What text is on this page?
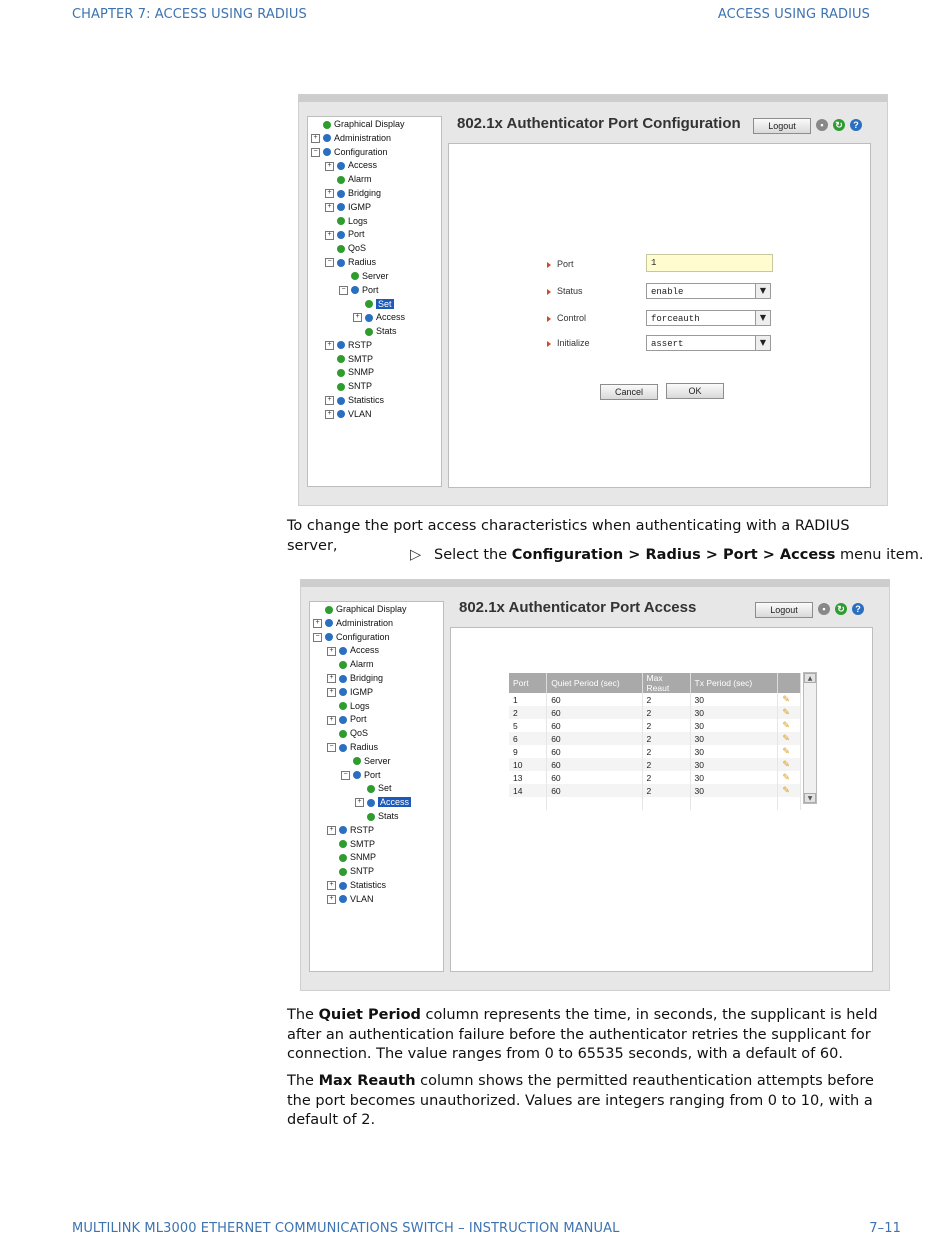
CHAPTER 7: ACCESS USING RADIUS	ACCESS USING RADIUS
Graphical Display
+ Administration
− Configuration
+ Access
Alarm
+ Bridging
+ IGMP
Logs
+ Port
QoS
− Radius
Server
− Port
Set
+ Access
Stats
+ RSTP
SMTP
SNMP
SNTP
+ Statistics
+ VLAN
802.1x Authenticator Port Configuration	Logout	▪	↻	?
Port	1
Status	enable	▼
Control	forceauth	▼
Initialize	assert	▼
Cancel	OK
To change the port access characteristics when authenticating with a RADIUS server,
▷ Select the Configuration > Radius > Port > Access menu item.
Graphical Display
+ Administration
− Configuration
+ Access
Alarm
+ Bridging
+ IGMP
Logs
+ Port
QoS
− Radius
Server
− Port
Set
+ Access
Stats
+ RSTP
SMTP
SNMP
SNTP
+ Statistics
+ VLAN
802.1x Authenticator Port Access	Logout	▪	↻	?
Port	Quiet Period (sec)	Max Reaut	Tx Period (sec)	
1	60	2	30	✎
2	60	2	30	✎
5	60	2	30	✎
6	60	2	30	✎
9	60	2	30	✎
10	60	2	30	✎
13	60	2	30	✎
14	60	2	30	✎

▲
▼
The Quiet Period column represents the time, in seconds, the supplicant is held after an authentication failure before the authenticator retries the supplicant for connection. The value ranges from 0 to 65535 seconds, with a default of 60.
The Max Reauth column shows the permitted reauthentication attempts before the port becomes unauthorized. Values are integers ranging from 0 to 10, with a default of 2.
MULTILINK ML3000 ETHERNET COMMUNICATIONS SWITCH – INSTRUCTION MANUAL	7–11
